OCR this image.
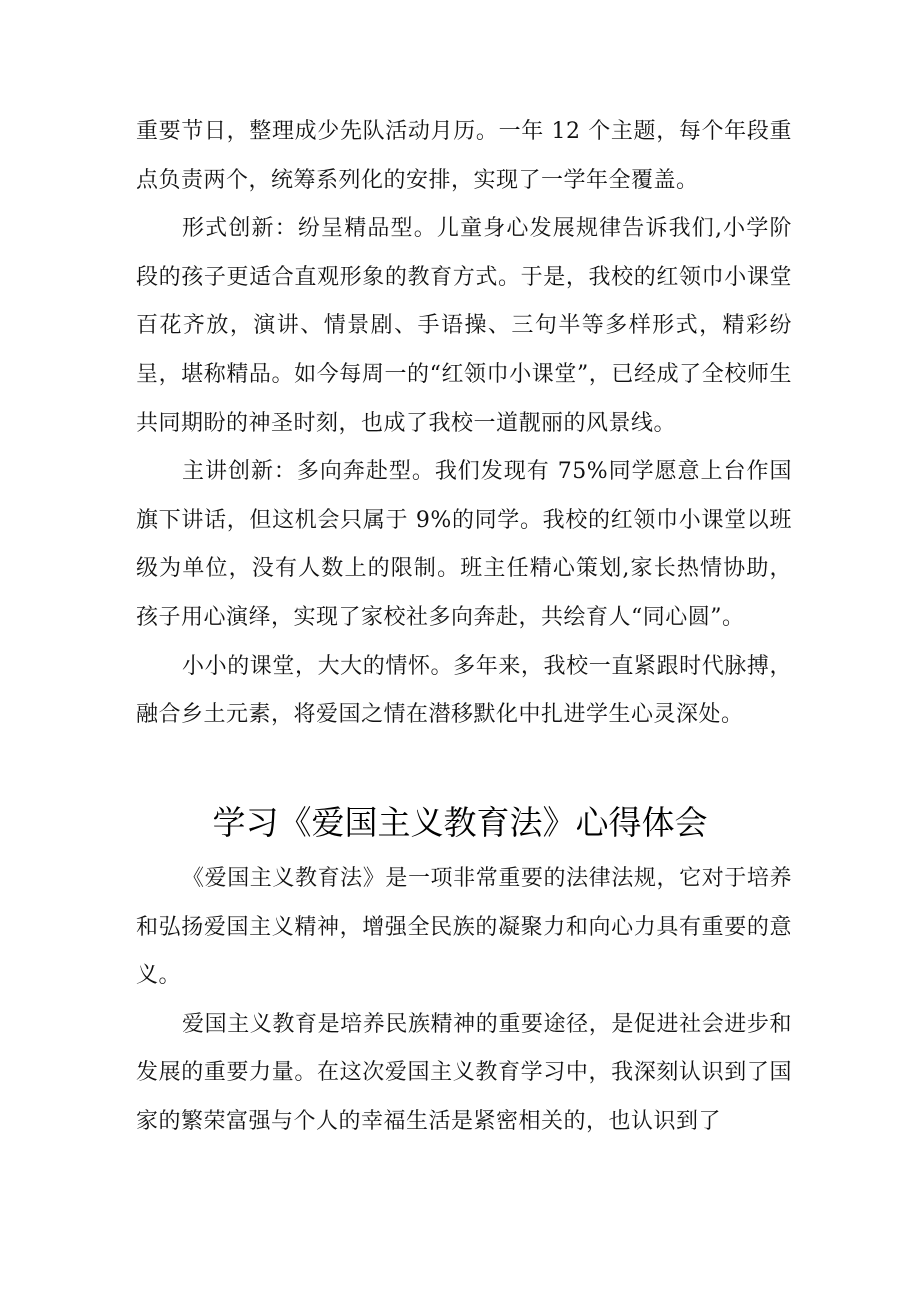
重要节日，整理成少先队活动月历。一年 12 个主题，每个年段重点负责两个，统筹系列化的安排，实现了一学年全覆盖。

形式创新：纷呈精品型。儿童身心发展规律告诉我们,小学阶段的孩子更适合直观形象的教育方式。于是，我校的红领巾小课堂百花齐放，演讲、情景剧、手语操、三句半等多样形式，精彩纷呈，堪称精品。如今每周一的“红领巾小课堂”，已经成了全校师生共同期盼的神圣时刻，也成了我校一道靓丽的风景线。

主讲创新：多向奔赴型。我们发现有 75%同学愿意上台作国旗下讲话，但这机会只属于 9%的同学。我校的红领巾小课堂以班级为单位，没有人数上的限制。班主任精心策划,家长热情协助，孩子用心演绎，实现了家校社多向奔赴，共绘育人“同心圆”。

小小的课堂，大大的情怀。多年来，我校一直紧跟时代脉搏，融合乡土元素，将爱国之情在潜移默化中扎进学生心灵深处。

学习《爱国主义教育法》心得体会

《爱国主义教育法》是一项非常重要的法律法规，它对于培养和弘扬爱国主义精神，增强全民族的凝聚力和向心力具有重要的意义。

爱国主义教育是培养民族精神的重要途径，是促进社会进步和发展的重要力量。在这次爱国主义教育学习中，我深刻认识到了国家的繁荣富强与个人的幸福生活是紧密相关的，也认识到了
